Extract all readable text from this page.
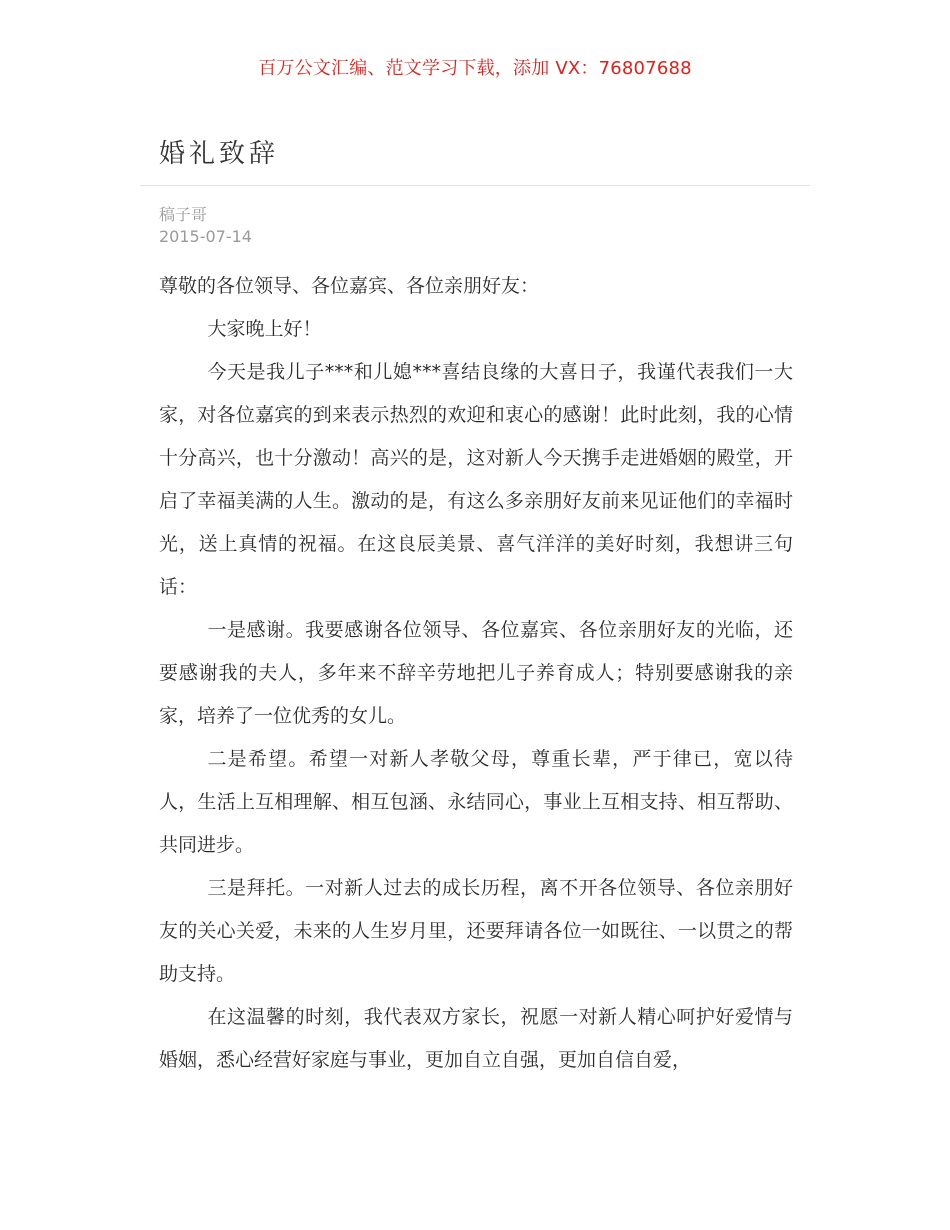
百万公文汇编、范文学习下载，添加 VX：76807688
婚礼致辞
稿子哥
2015-07-14

尊敬的各位领导、各位嘉宾、各位亲朋好友：

大家晚上好！

今天是我儿子***和儿媳***喜结良缘的大喜日子，我谨代表我们一大家，对各位嘉宾的到来表示热烈的欢迎和衷心的感谢！此时此刻，我的心情十分高兴，也十分激动！高兴的是，这对新人今天携手走进婚姻的殿堂，开启了幸福美满的人生。激动的是，有这么多亲朋好友前来见证他们的幸福时光，送上真情的祝福。在这良辰美景、喜气洋洋的美好时刻，我想讲三句话：

一是感谢。我要感谢各位领导、各位嘉宾、各位亲朋好友的光临，还要感谢我的夫人，多年来不辞辛劳地把儿子养育成人；特别要感谢我的亲家，培养了一位优秀的女儿。

二是希望。希望一对新人孝敬父母，尊重长辈，严于律已，宽以待人，生活上互相理解、相互包涵、永结同心，事业上互相支持、相互帮助、共同进步。

三是拜托。一对新人过去的成长历程，离不开各位领导、各位亲朋好友的关心关爱，未来的人生岁月里，还要拜请各位一如既往、一以贯之的帮助支持。

在这温馨的时刻，我代表双方家长，祝愿一对新人精心呵护好爱情与婚姻，悉心经营好家庭与事业，更加自立自强，更加自信自爱，
